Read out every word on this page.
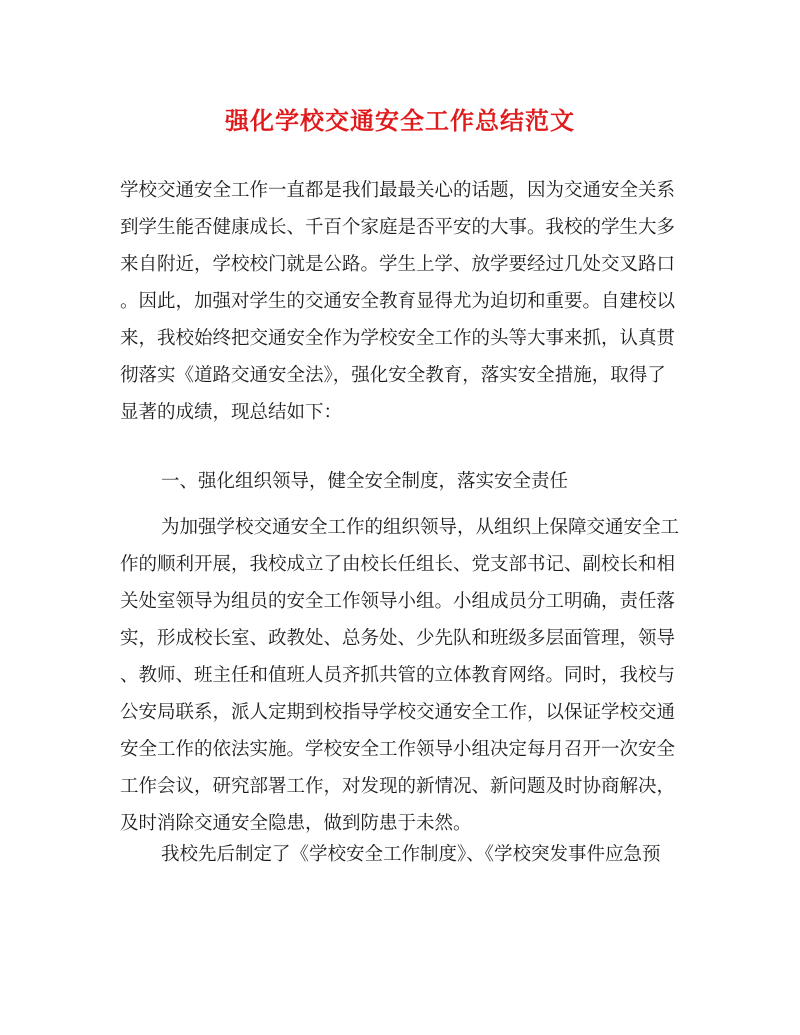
强化学校交通安全工作总结范文
学校交通安全工作一直都是我们最最关心的话题，因为交通安全关系
到学生能否健康成长、千百个家庭是否平安的大事。我校的学生大多
来自附近，学校校门就是公路。学生上学、放学要经过几处交叉路口
。因此，加强对学生的交通安全教育显得尤为迫切和重要。自建校以
来，我校始终把交通安全作为学校安全工作的头等大事来抓，认真贯
彻落实《道路交通安全法》，强化安全教育，落实安全措施，取得了
显著的成绩，现总结如下：
一、强化组织领导，健全安全制度，落实安全责任
为加强学校交通安全工作的组织领导，从组织上保障交通安全工
作的顺利开展，我校成立了由校长任组长、党支部书记、副校长和相
关处室领导为组员的安全工作领导小组。小组成员分工明确，责任落
实，形成校长室、政教处、总务处、少先队和班级多层面管理，领导
、教师、班主任和值班人员齐抓共管的立体教育网络。同时，我校与
公安局联系，派人定期到校指导学校交通安全工作，以保证学校交通
安全工作的依法实施。学校安全工作领导小组决定每月召开一次安全
工作会议，研究部署工作，对发现的新情况、新问题及时协商解决，
及时消除交通安全隐患，做到防患于未然。
我校先后制定了《学校安全工作制度》、《学校突发事件应急预
